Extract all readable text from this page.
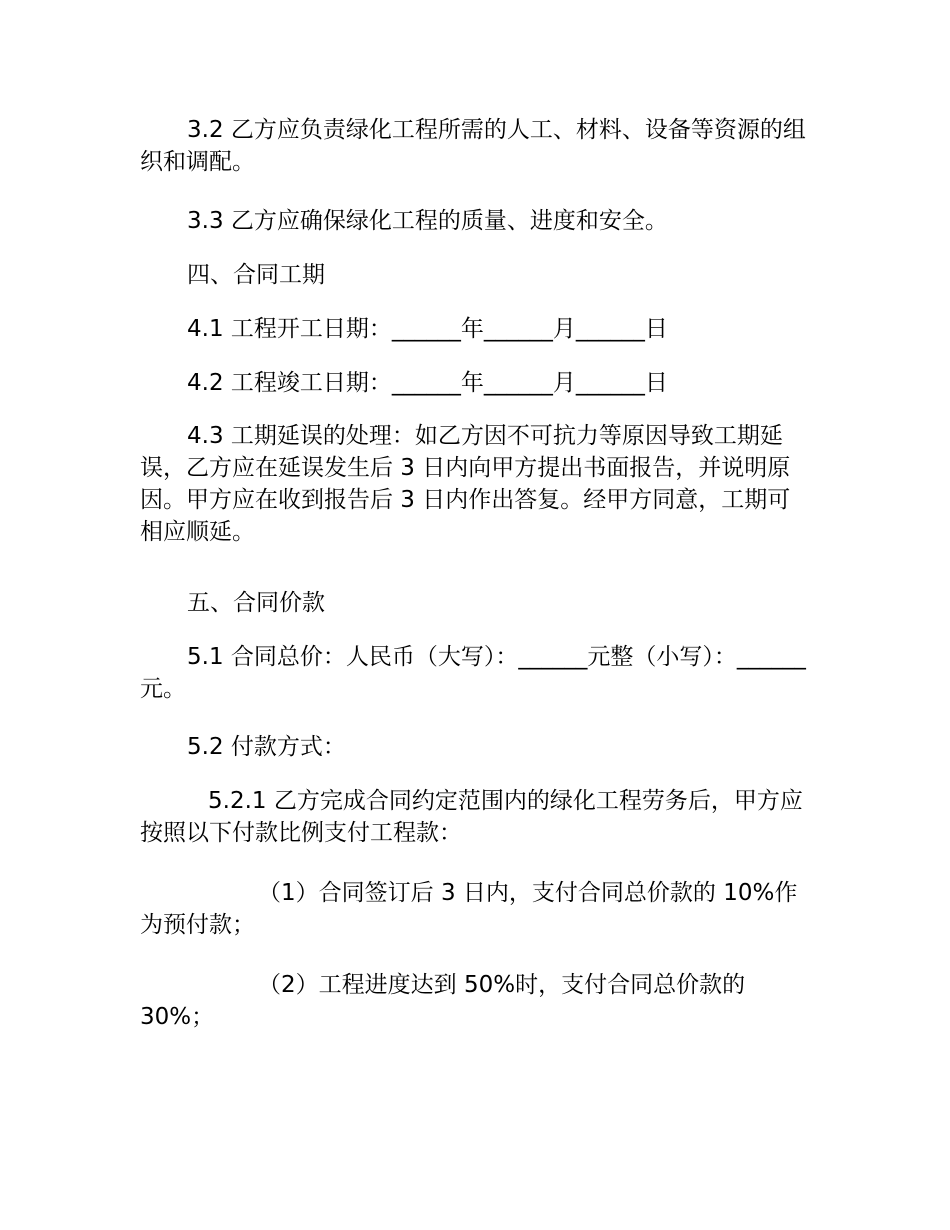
3.2 乙方应负责绿化工程所需的人工、材料、设备等资源的组织和调配。

3.3 乙方应确保绿化工程的质量、进度和安全。

四、合同工期

4.1 工程开工日期：______年______月______日

4.2 工程竣工日期：______年______月______日

4.3 工期延误的处理：如乙方因不可抗力等原因导致工期延误，乙方应在延误发生后 3 日内向甲方提出书面报告，并说明原因。甲方应在收到报告后 3 日内作出答复。经甲方同意，工期可相应顺延。

五、合同价款

5.1 合同总价：人民币（大写）：______元整（小写）：______元。

5.2 付款方式：

5.2.1 乙方完成合同约定范围内的绿化工程劳务后，甲方应按照以下付款比例支付工程款：

（1）合同签订后 3 日内，支付合同总价款的 10%作为预付款；

（2）工程进度达到 50%时，支付合同总价款的 30%；
